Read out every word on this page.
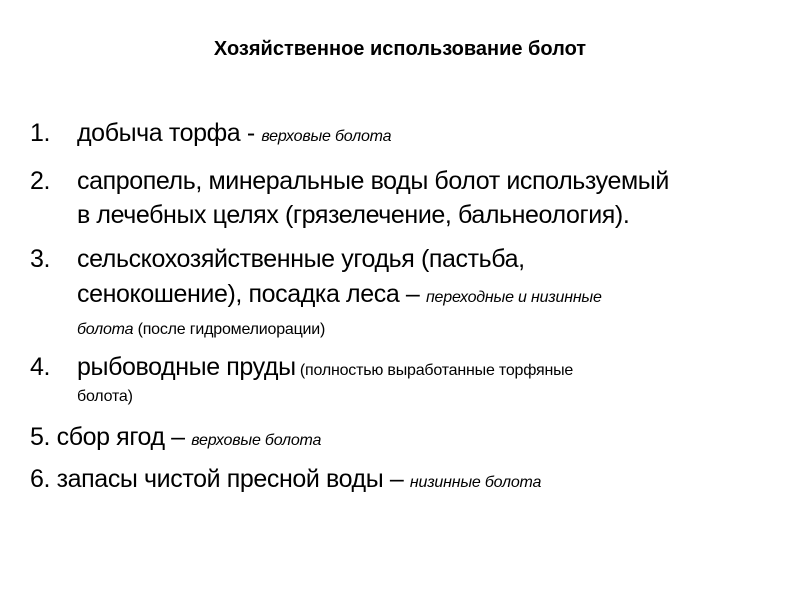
Хозяйственное использование болот
1. добыча торфа - верховые болота
2. сапропель, минеральные воды болот используемый
в лечебных целях (грязелечение, бальнеология).
3. сельскохозяйственные угодья (пастьба,
сенокошение), посадка леса – переходные и низинные
болота (после гидромелиорации)
4. рыбоводные пруды (полностью выработанные торфяные
болота)
5. сбор ягод – верховые болота
6. запасы чистой пресной воды – низинные болота
